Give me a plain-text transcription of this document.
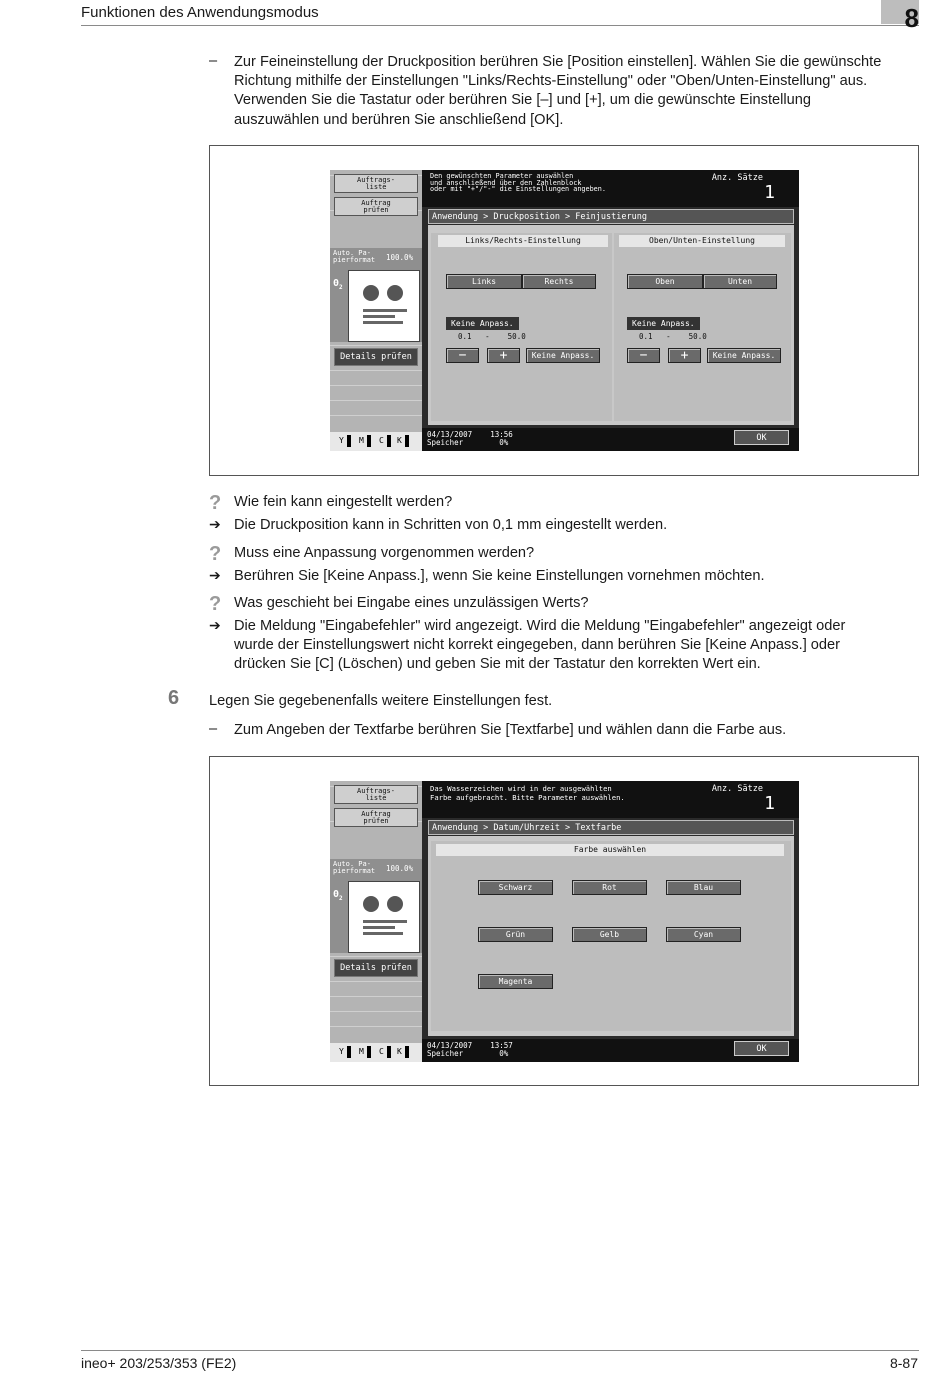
Funktionen des Anwendungsmodus	8
– Zur Feineinstellung der Druckposition berühren Sie [Position einstellen]. Wählen Sie die gewünschte
Richtung mithilfe der Einstellungen "Links/Rechts-Einstellung" oder "Oben/Unten-Einstellung" aus.
Verwenden Sie die Tastatur oder berühren Sie [–] und [+], um die gewünschte Einstellung
auszuwählen und berühren Sie anschließend [OK].
Auftrags-
liste
Auftrag
prüfen
$0_2$
Auto. Pa-
pierformat 100.0%
Details prüfen
Y M C K
Den gewünschten Parameter auswählen
und anschließend über den Zahlenblock
oder mit "+"/"-" die Einstellungen angeben.
Anz. Sätze
1
Anwendung > Druckposition > Feinjustierung
Links/Rechts-Einstellung
Links	Rechts
Keine Anpass.
0.1   -    50.0
−	+	Keine Anpass.
Oben/Unten-Einstellung
Oben	Unten
Keine Anpass.
0.1   -    50.0
−	+	Keine Anpass.
04/13/2007    13:56
Speicher        0%	OK
? Wie fein kann eingestellt werden?
➔ Die Druckposition kann in Schritten von 0,1 mm eingestellt werden.
? Muss eine Anpassung vorgenommen werden?
➔ Berühren Sie [Keine Anpass.], wenn Sie keine Einstellungen vornehmen möchten.
? Was geschieht bei Eingabe eines unzulässigen Werts?
➔ Die Meldung "Eingabefehler" wird angezeigt. Wird die Meldung "Eingabefehler" angezeigt oder
wurde der Einstellungswert nicht korrekt eingegeben, dann berühren Sie [Keine Anpass.] oder
drücken Sie [C] (Löschen) und geben Sie mit der Tastatur den korrekten Wert ein.
6 Legen Sie gegebenenfalls weitere Einstellungen fest.
– Zum Angeben der Textfarbe berühren Sie [Textfarbe] und wählen dann die Farbe aus.
Auftrags-
liste
Auftrag
prüfen
$0_2$
Auto. Pa-
pierformat 100.0%
Details prüfen
Y M C K
Das Wasserzeichen wird in der ausgewählten
Farbe aufgebracht. Bitte Parameter auswählen.
Anz. Sätze
1
Anwendung > Datum/Uhrzeit > Textfarbe
Farbe auswählen
Schwarz	Rot	Blau
Grün	Gelb	Cyan
Magenta
04/13/2007    13:57
Speicher        0%	OK
ineo+ 203/253/353 (FE2)	8-87
